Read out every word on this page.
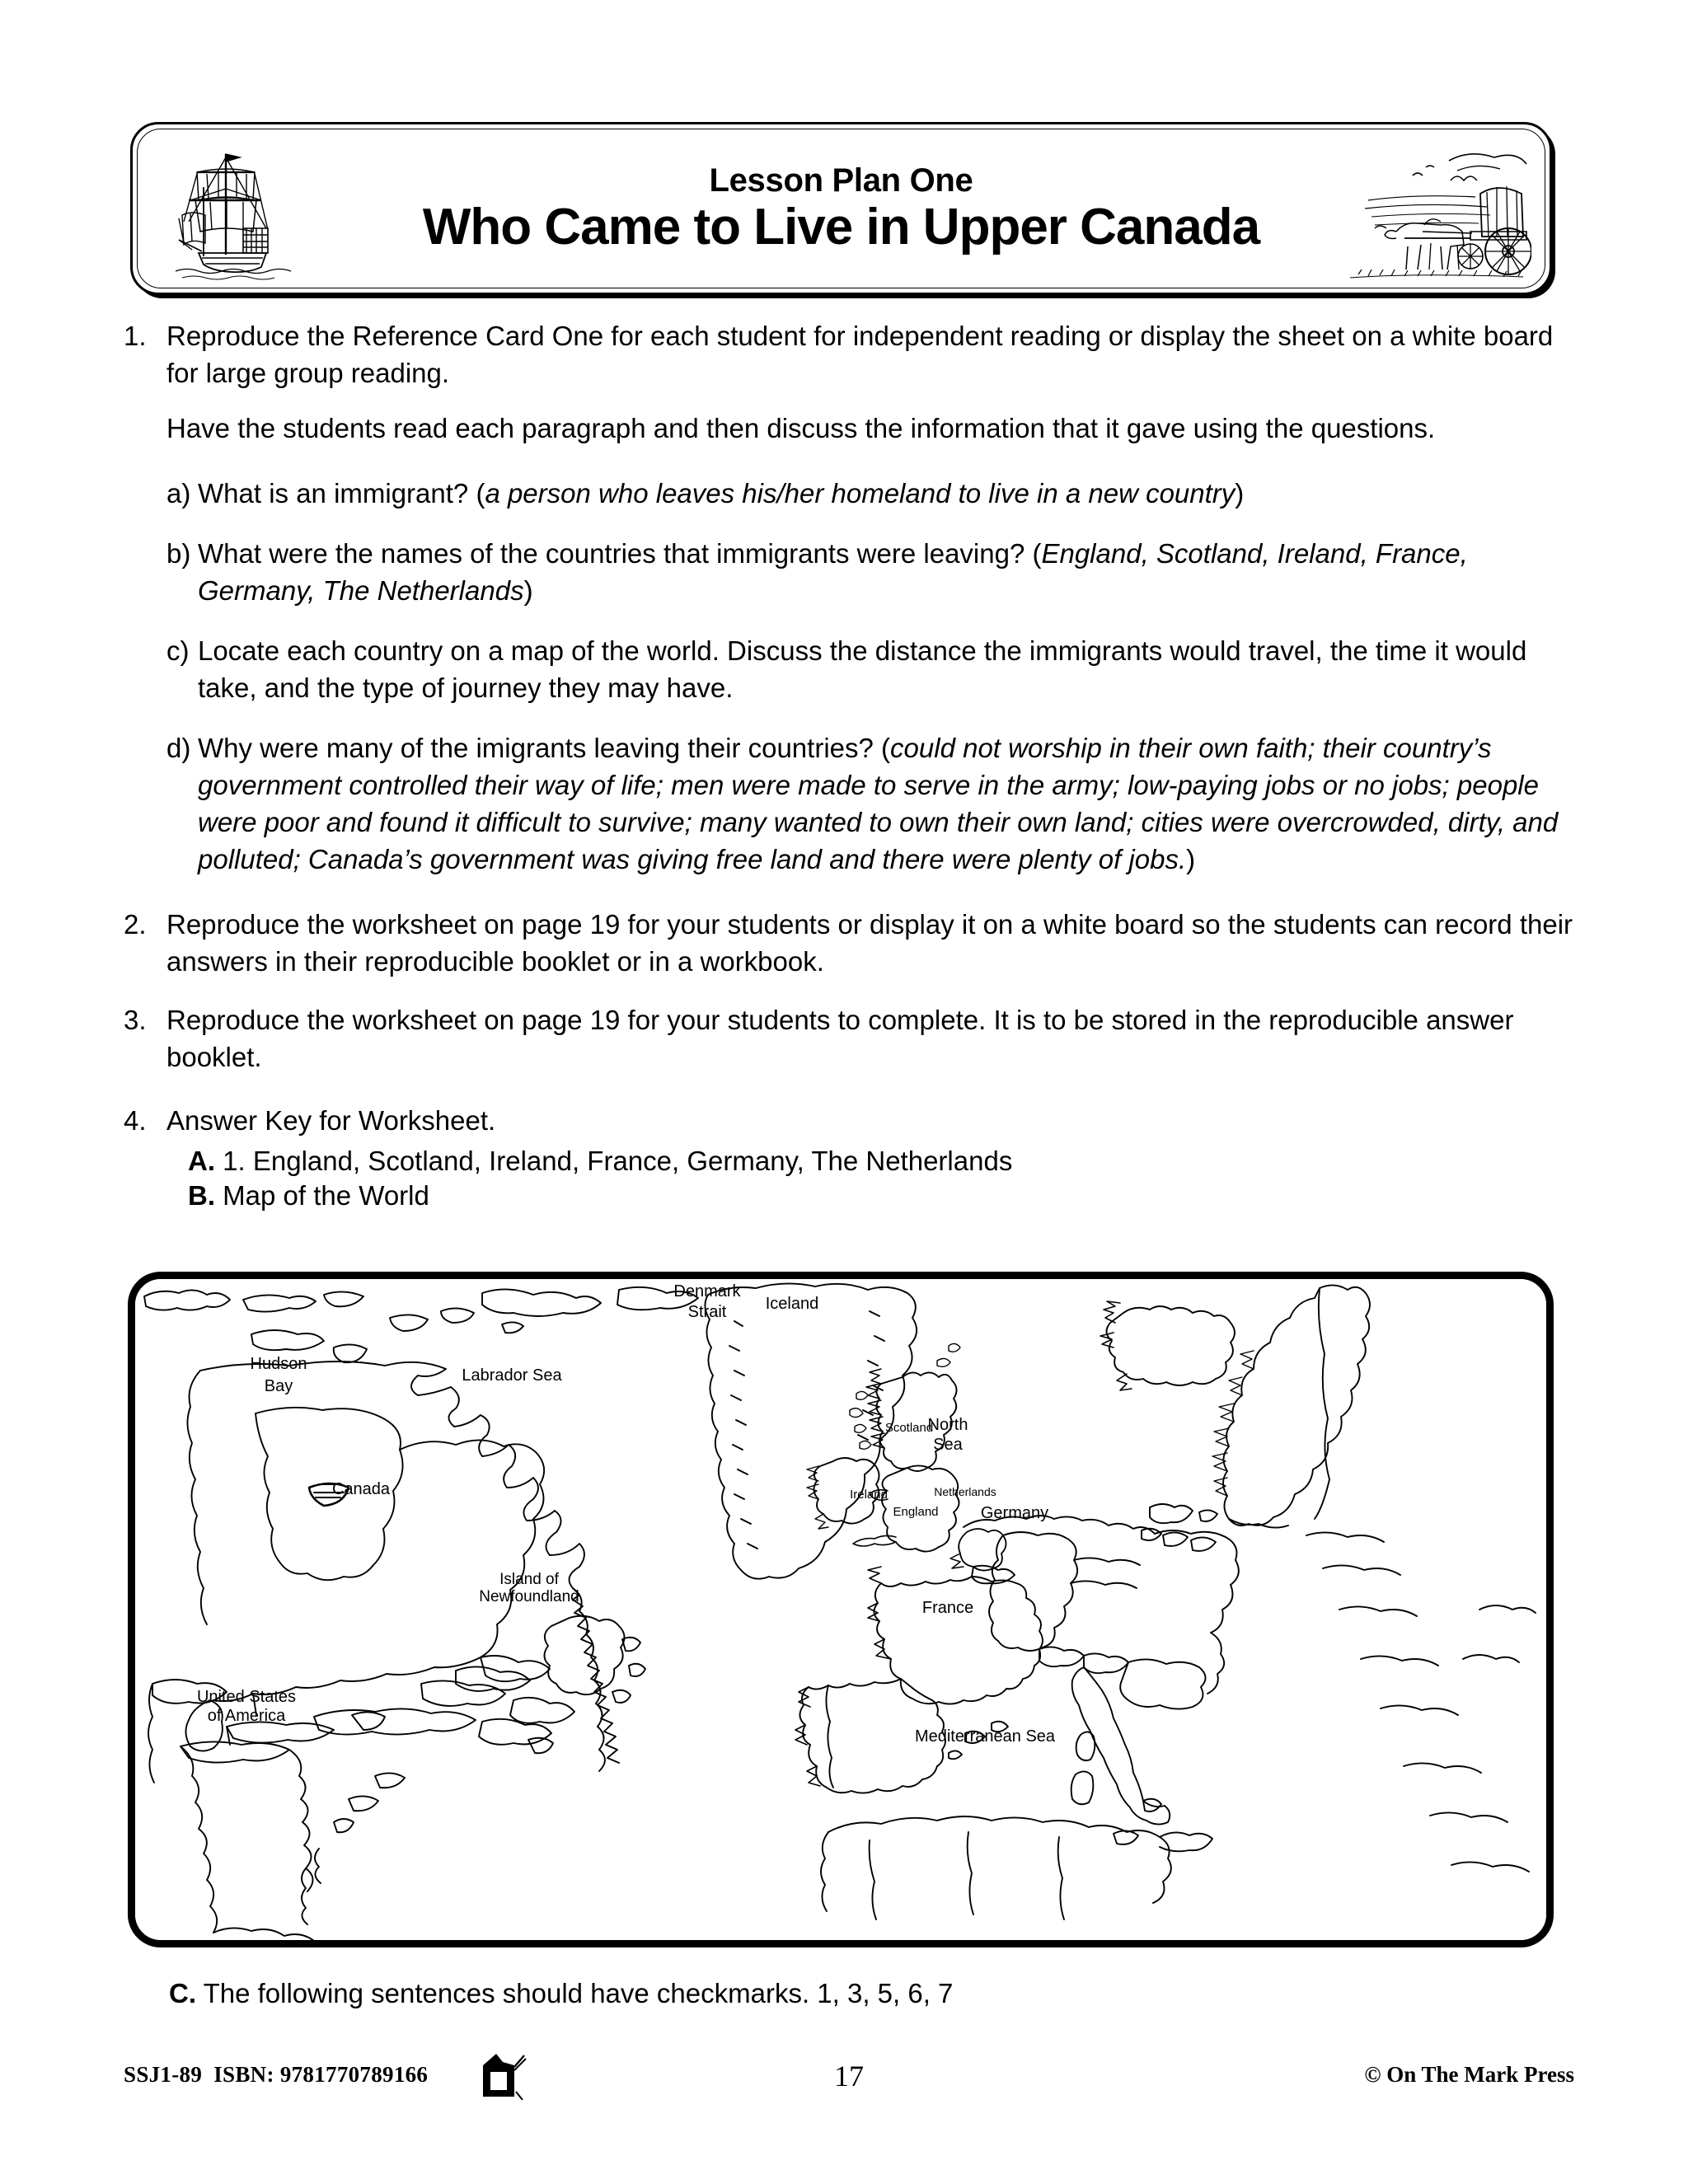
Lesson Plan One
Who Came to Live in Upper Canada
1. Reproduce the Reference Card One for each student for independent reading or display the sheet on a white board for large group reading.
Have the students read each paragraph and then discuss the information that it gave using the questions.
a) What is an immigrant? (a person who leaves his/her homeland to live in a new country)
b) What were the names of the countries that immigrants were leaving? (England, Scotland, Ireland, France, Germany, The Netherlands)
c) Locate each country on a map of the world. Discuss the distance the immigrants would travel, the time it would take, and the type of journey they may have.
d) Why were many of the imigrants leaving their countries? (could not worship in their own faith; their country’s government controlled their way of life; men were made to serve in the army; low-paying jobs or no jobs; people were poor and found it difficult to survive; many wanted to own their own land; cities were overcrowded, dirty, and polluted; Canada’s government was giving free land and there were plenty of jobs.)
2. Reproduce the worksheet on page 19 for your students or display it on a white board so the students can record their answers in their reproducible booklet or in a workbook.
3. Reproduce the worksheet on page 19 for your students to complete. It is to be stored in the reproducible answer booklet.
4. Answer Key for Worksheet.
A. 1. England, Scotland, Ireland, France, Germany, The Netherlands
B. Map of the World
Hudson
Bay
Canada
Labrador Sea
Denmark
Strait Iceland
Island of
Newfoundland
United States
of America
Scotland
North
Sea
Ireland
England
Netherlands
Germany
France
Mediterranean Sea
C. The following sentences should have checkmarks. 1, 3, 5, 6, 7
SSJ1-89 ISBN: 9781770789166	17	© On The Mark Press
